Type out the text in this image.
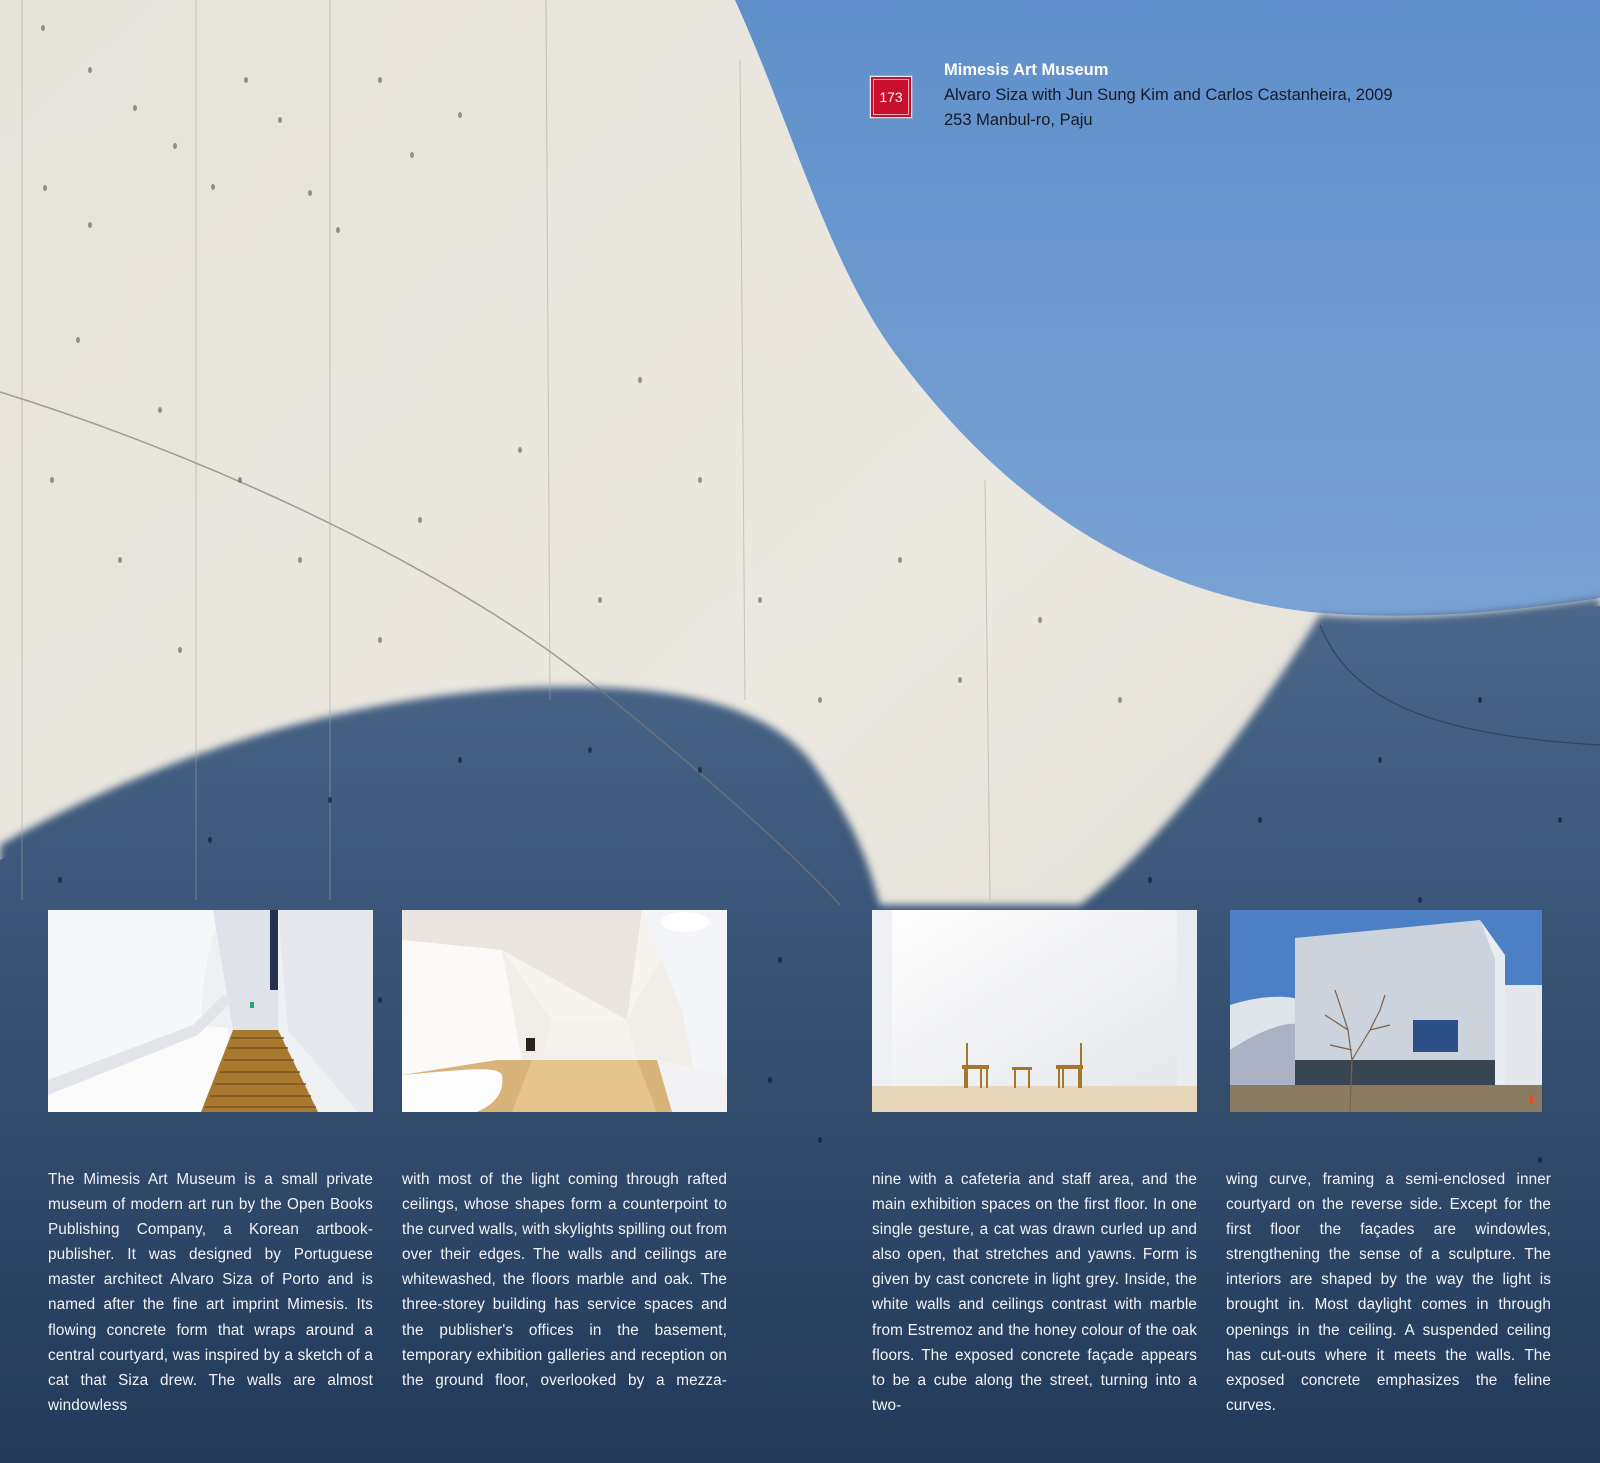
173
Mimesis Art Museum
Alvaro Siza with Jun Sung Kim and Carlos Castanheira, 2009
253 Manbul-ro, Paju

The Mimesis Art Museum is a small private museum of modern art run by the Open Books Publishing Company, a Korean artbook-publisher. It was designed by Portuguese master architect Alvaro Siza of Porto and is named after the fine art imprint Mimesis. Its flowing concrete form that wraps around a central courtyard, was inspired by a sketch of a cat that Siza drew. The walls are almost windowless

with most of the light coming through rafted ceilings, whose shapes form a counterpoint to the curved walls, with skylights spilling out from over their edges. The walls and ceilings are whitewashed, the floors marble and oak. The three-storey building has service spaces and the publisher's offices in the basement, temporary exhibition galleries and reception on the ground floor, overlooked by a mezza-

nine with a cafeteria and staff area, and the main exhibition spaces on the first floor. In one single gesture, a cat was drawn curled up and also open, that stretches and yawns. Form is given by cast concrete in light grey. Inside, the white walls and ceilings contrast with marble from Estremoz and the honey colour of the oak floors. The exposed concrete façade appears to be a cube along the street, turning into a two-

wing curve, framing a semi-enclosed inner courtyard on the reverse side. Except for the first floor the façades are windowles, strengthening the sense of a sculpture. The interiors are shaped by the way the light is brought in. Most daylight comes in through openings in the ceiling. A suspended ceiling has cut-outs where it meets the walls. The exposed concrete emphasizes the feline curves.
